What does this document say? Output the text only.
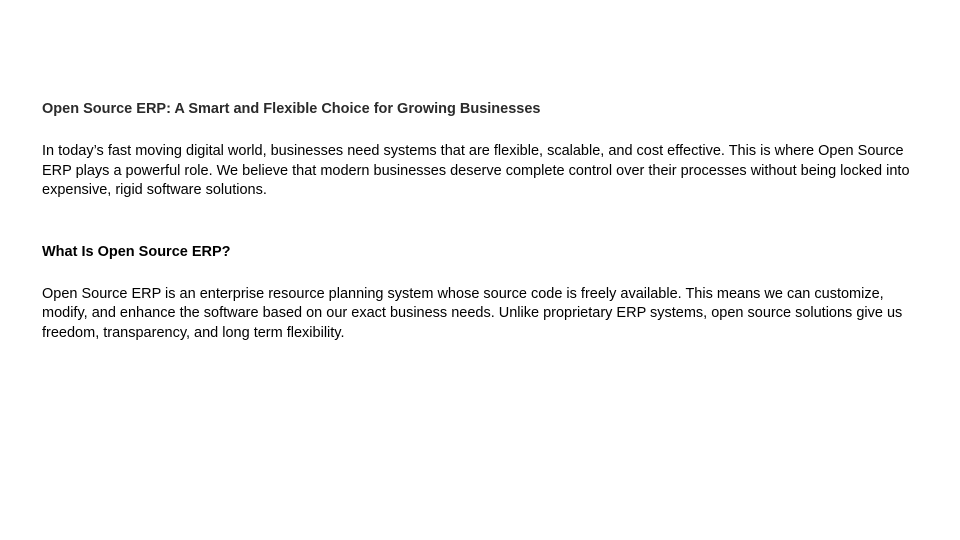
Open Source ERP: A Smart and Flexible Choice for Growing Businesses

In today’s fast moving digital world, businesses need systems that are flexible, scalable, and cost effective. This is where Open Source ERP plays a powerful role. We believe that modern businesses deserve complete control over their processes without being locked into expensive, rigid software solutions.

What Is Open Source ERP?

Open Source ERP is an enterprise resource planning system whose source code is freely available. This means we can customize, modify, and enhance the software based on our exact business needs. Unlike proprietary ERP systems, open source solutions give us freedom, transparency, and long term flexibility.
